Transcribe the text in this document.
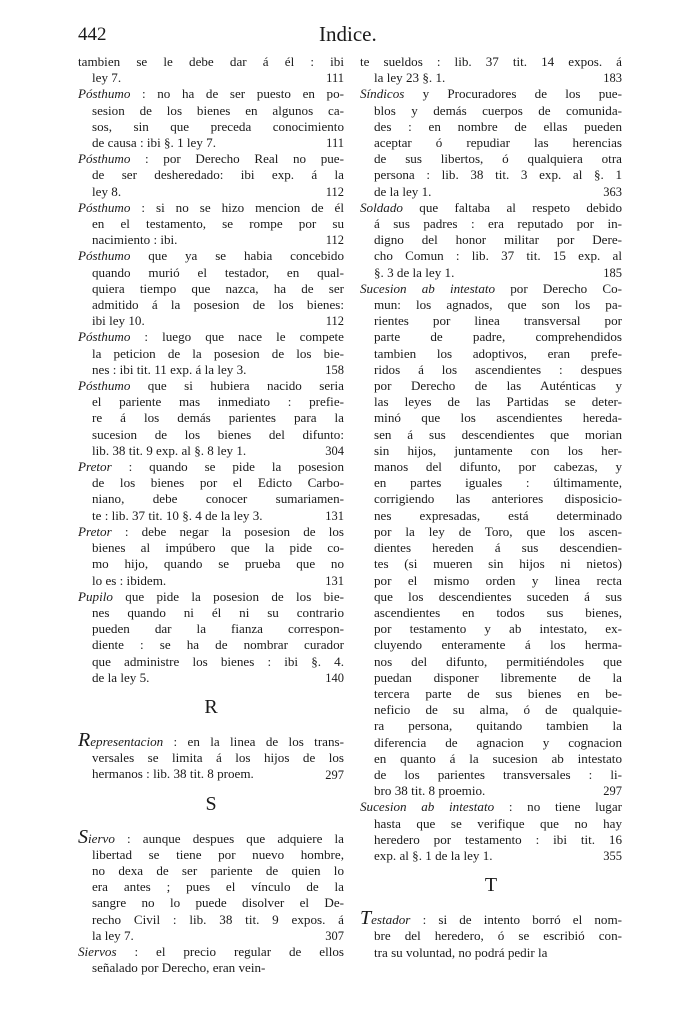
442	Indice.
tambien se le debe dar á él : ibi
ley 7.	111
Pósthumo : no ha de ser puesto en po-
sesion de los bienes en algunos ca-
sos, sin que preceda conocimiento
de causa : ibi §. 1 ley 7.	111
Pósthumo : por Derecho Real no pue-
de ser desheredado: ibi exp. á la
ley 8.	112
Pósthumo : si no se hizo mencion de él
en el testamento, se rompe por su
nacimiento : ibi.	112
Pósthumo que ya se habia concebido
quando murió el testador, en qual-
quiera tiempo que nazca, ha de ser
admitido á la posesion de los bienes:
ibi ley 10.	112
Pósthumo : luego que nace le compete
la peticion de la posesion de los bie-
nes : ibi tit. 11 exp. á la ley 3.	158
Pósthumo que si hubiera nacido seria
el pariente mas inmediato : prefie-
re á los demás parientes para la
sucesion de los bienes del difunto:
lib. 38 tit. 9 exp. al §. 8 ley 1.	304
Pretor : quando se pide la posesion
de los bienes por el Edicto Carbo-
niano, debe conocer sumariamen-
te : lib. 37 tit. 10 §. 4 de la ley 3.	131
Pretor : debe negar la posesion de los
bienes al impúbero que la pide co-
mo hijo, quando se prueba que no
lo es : ibidem.	131
Pupilo que pide la posesion de los bie-
nes quando ni él ni su contrario
pueden dar la fianza correspon-
diente : se ha de nombrar curador
que administre los bienes : ibi §. 4.
de la ley 5.	140
R
Representacion : en la linea de los trans-
versales se limita á los hijos de los
hermanos : lib. 38 tit. 8 proem.	297
S
Siervo : aunque despues que adquiere la
libertad se tiene por nuevo hombre,
no dexa de ser pariente de quien lo
era antes ; pues el vínculo de la
sangre no lo puede disolver el De-
recho Civil : lib. 38 tit. 9 expos. á
la ley 7.	307
Siervos : el precio regular de ellos
señalado por Derecho, eran vein-
te sueldos : lib. 37 tit. 14 expos. á
la ley 23 §. 1.	183
Síndicos y Procuradores de los pue-
blos y demás cuerpos de comunida-
des : en nombre de ellas pueden
aceptar ó repudiar las herencias
de sus libertos, ó qualquiera otra
persona : lib. 38 tit. 3 exp. al §. 1
de la ley 1.	363
Soldado que faltaba al respeto debido
á sus padres : era reputado por in-
digno del honor militar por Dere-
cho Comun : lib. 37 tit. 15 exp. al
§. 3 de la ley 1.	185
Sucesion ab intestato por Derecho Co-
mun: los agnados, que son los pa-
rientes por linea transversal por
parte de padre, comprehendidos
tambien los adoptivos, eran prefe-
ridos á los ascendientes : despues
por Derecho de las Auténticas y
las leyes de las Partidas se deter-
minó que los ascendientes hereda-
sen á sus descendientes que morian
sin hijos, juntamente con los her-
manos del difunto, por cabezas, y
en partes iguales : últimamente,
corrigiendo las anteriores disposicio-
nes expresadas, está determinado
por la ley de Toro, que los ascen-
dientes hereden á sus descendien-
tes (si mueren sin hijos ni nietos)
por el mismo orden y linea recta
que los descendientes suceden á sus
ascendientes en todos sus bienes,
por testamento y ab intestato, ex-
cluyendo enteramente á los herma-
nos del difunto, permitiéndoles que
puedan disponer libremente de la
tercera parte de sus bienes en be-
neficio de su alma, ó de qualquie-
ra persona, quitando tambien la
diferencia de agnacion y cognacion
en quanto á la sucesion ab intestato
de los parientes transversales : li-
bro 38 tit. 8 proemio.	297
Sucesion ab intestato : no tiene lugar
hasta que se verifique que no hay
heredero por testamento : ibi tit. 16
exp. al §. 1 de la ley 1.	355
T
Testador : si de intento borró el nom-
bre del heredero, ó se escribió con-
tra su voluntad, no podrá pedir la
